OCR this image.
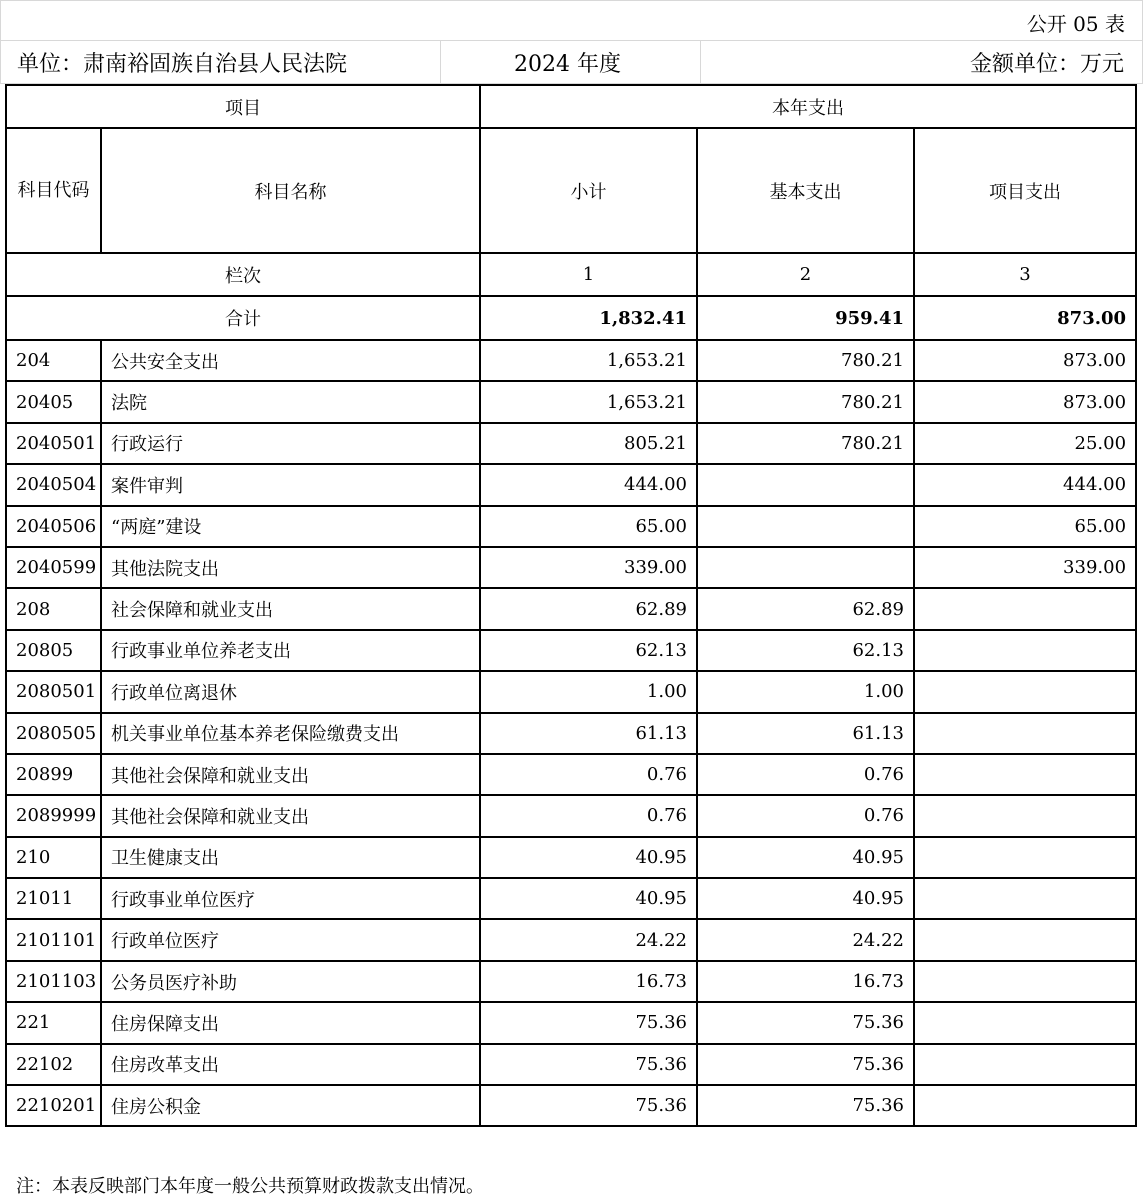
公开 05 表
单位：肃南裕固族自治县人民法院	2024 年度	金额单位：万元
项目		本年支出		
科目代码	科目名称	小计	基本支出	项目支出
栏次		1	2	3
合计		1,832.41	959.41	873.00
204	公共安全支出	1,653.21	780.21	873.00
20405	法院	1,653.21	780.21	873.00
2040501	行政运行	805.21	780.21	25.00
2040504	案件审判	444.00		444.00
2040506	“两庭”建设	65.00		65.00
2040599	其他法院支出	339.00		339.00
208	社会保障和就业支出	62.89	62.89	
20805	行政事业单位养老支出	62.13	62.13	
2080501	行政单位离退休	1.00	1.00	
2080505	机关事业单位基本养老保险缴费支出	61.13	61.13	
20899	其他社会保障和就业支出	0.76	0.76	
2089999	其他社会保障和就业支出	0.76	0.76	
210	卫生健康支出	40.95	40.95	
21011	行政事业单位医疗	40.95	40.95	
2101101	行政单位医疗	24.22	24.22	
2101103	公务员医疗补助	16.73	16.73	
221	住房保障支出	75.36	75.36	
22102	住房改革支出	75.36	75.36	
2210201	住房公积金	75.36	75.36	
注：本表反映部门本年度一般公共预算财政拨款支出情况。
